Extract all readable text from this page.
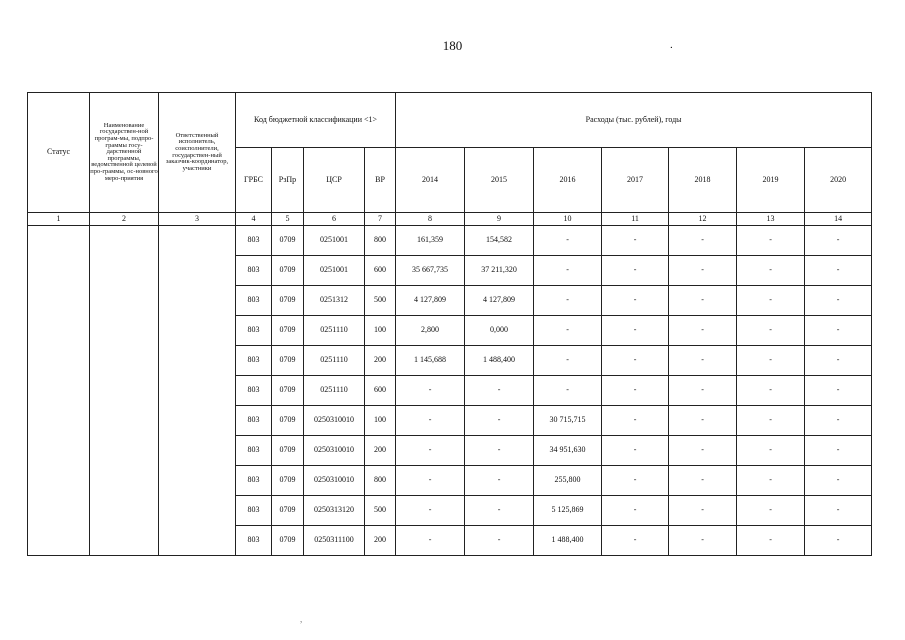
180	.
,
Статус	Наименование государствен-ной програм-мы, подпро-граммы госу-дарственной программы, ведомственной целевой про-граммы, ос-новного меро-приятия	Ответственный исполнитель, соисполнители, государствен-ный заказчик-координатор, участники	Код бюджетной классификации <1>				Расходы (тыс. рублей), годы						
			ГРБС	РзПр	ЦСР	ВР	2014	2015	2016	2017	2018	2019	2020
1	2	3	4	5	6	7	8	9	10	11	12	13	14
			803	0709	0251001	800	161,359	154,582	-	-	-	-	-
			803	0709	0251001	600	35 667,735	37 211,320	-	-	-	-	-
			803	0709	0251312	500	4 127,809	4 127,809	-	-	-	-	-
			803	0709	0251110	100	2,800	0,000	-	-	-	-	-
			803	0709	0251110	200	1 145,688	1 488,400	-	-	-	-	-
			803	0709	0251110	600	-	-	-	-	-	-	-
			803	0709	0250310010	100	-	-	30 715,715	-	-	-	-
			803	0709	0250310010	200	-	-	34 951,630	-	-	-	-
			803	0709	0250310010	800	-	-	255,800	-	-	-	-
			803	0709	0250313120	500	-	-	5 125,869	-	-	-	-
			803	0709	0250311100	200	-	-	1 488,400	-	-	-	-
